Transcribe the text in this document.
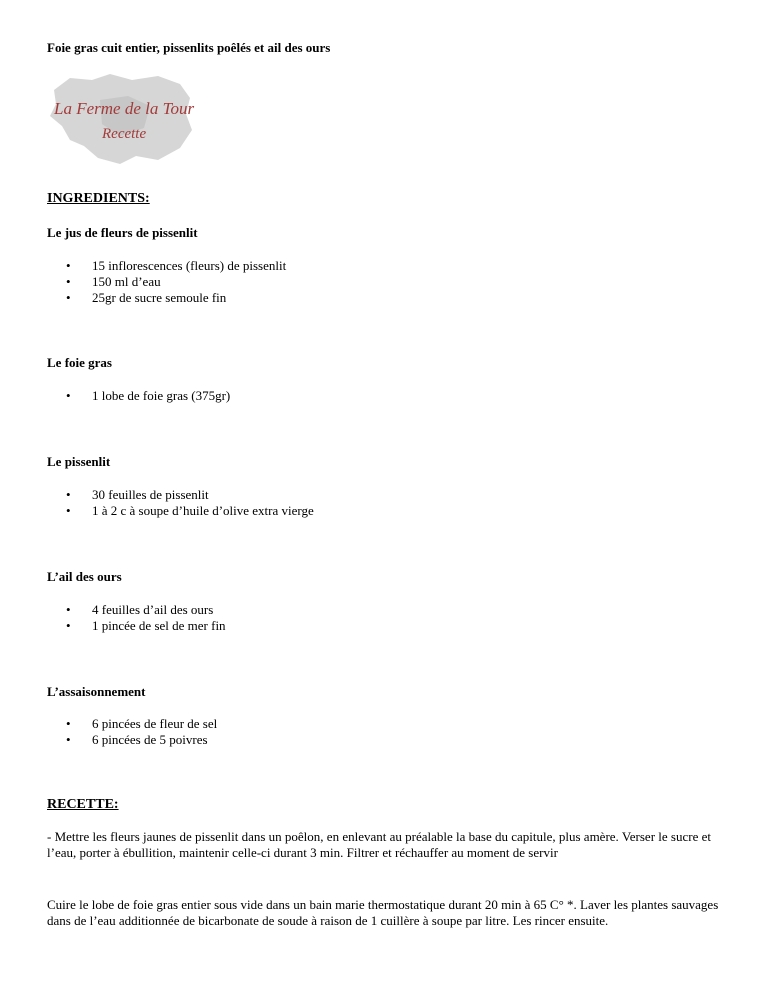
Foie gras cuit entier, pissenlits poêlés et ail des ours
La Ferme de la Tour
Recette
INGREDIENTS:
Le jus de fleurs de pissenlit
• 15 inflorescences (fleurs) de pissenlit
• 150 ml d’eau
• 25gr de sucre semoule fin
Le foie gras
• 1 lobe de foie gras (375gr)
Le pissenlit
• 30 feuilles de pissenlit
• 1 à 2 c à soupe d’huile d’olive extra vierge
L’ail des ours
• 4 feuilles d’ail des ours
• 1 pincée de sel de mer fin
L’assaisonnement
• 6 pincées de fleur de sel
• 6 pincées de 5 poivres
RECETTE:

- Mettre les fleurs jaunes de pissenlit dans un poêlon, en enlevant au préalable la base du capitule, plus amère. Verser le sucre et l’eau, porter à ébullition, maintenir celle-ci durant 3 min. Filtrer et réchauffer au moment de servir

Cuire le lobe de foie gras entier sous vide dans un bain marie thermostatique durant 20 min à 65 C° *. Laver les plantes sauvages dans de l’eau additionnée de bicarbonate de soude à raison de 1 cuillère à soupe par litre. Les rincer ensuite.
